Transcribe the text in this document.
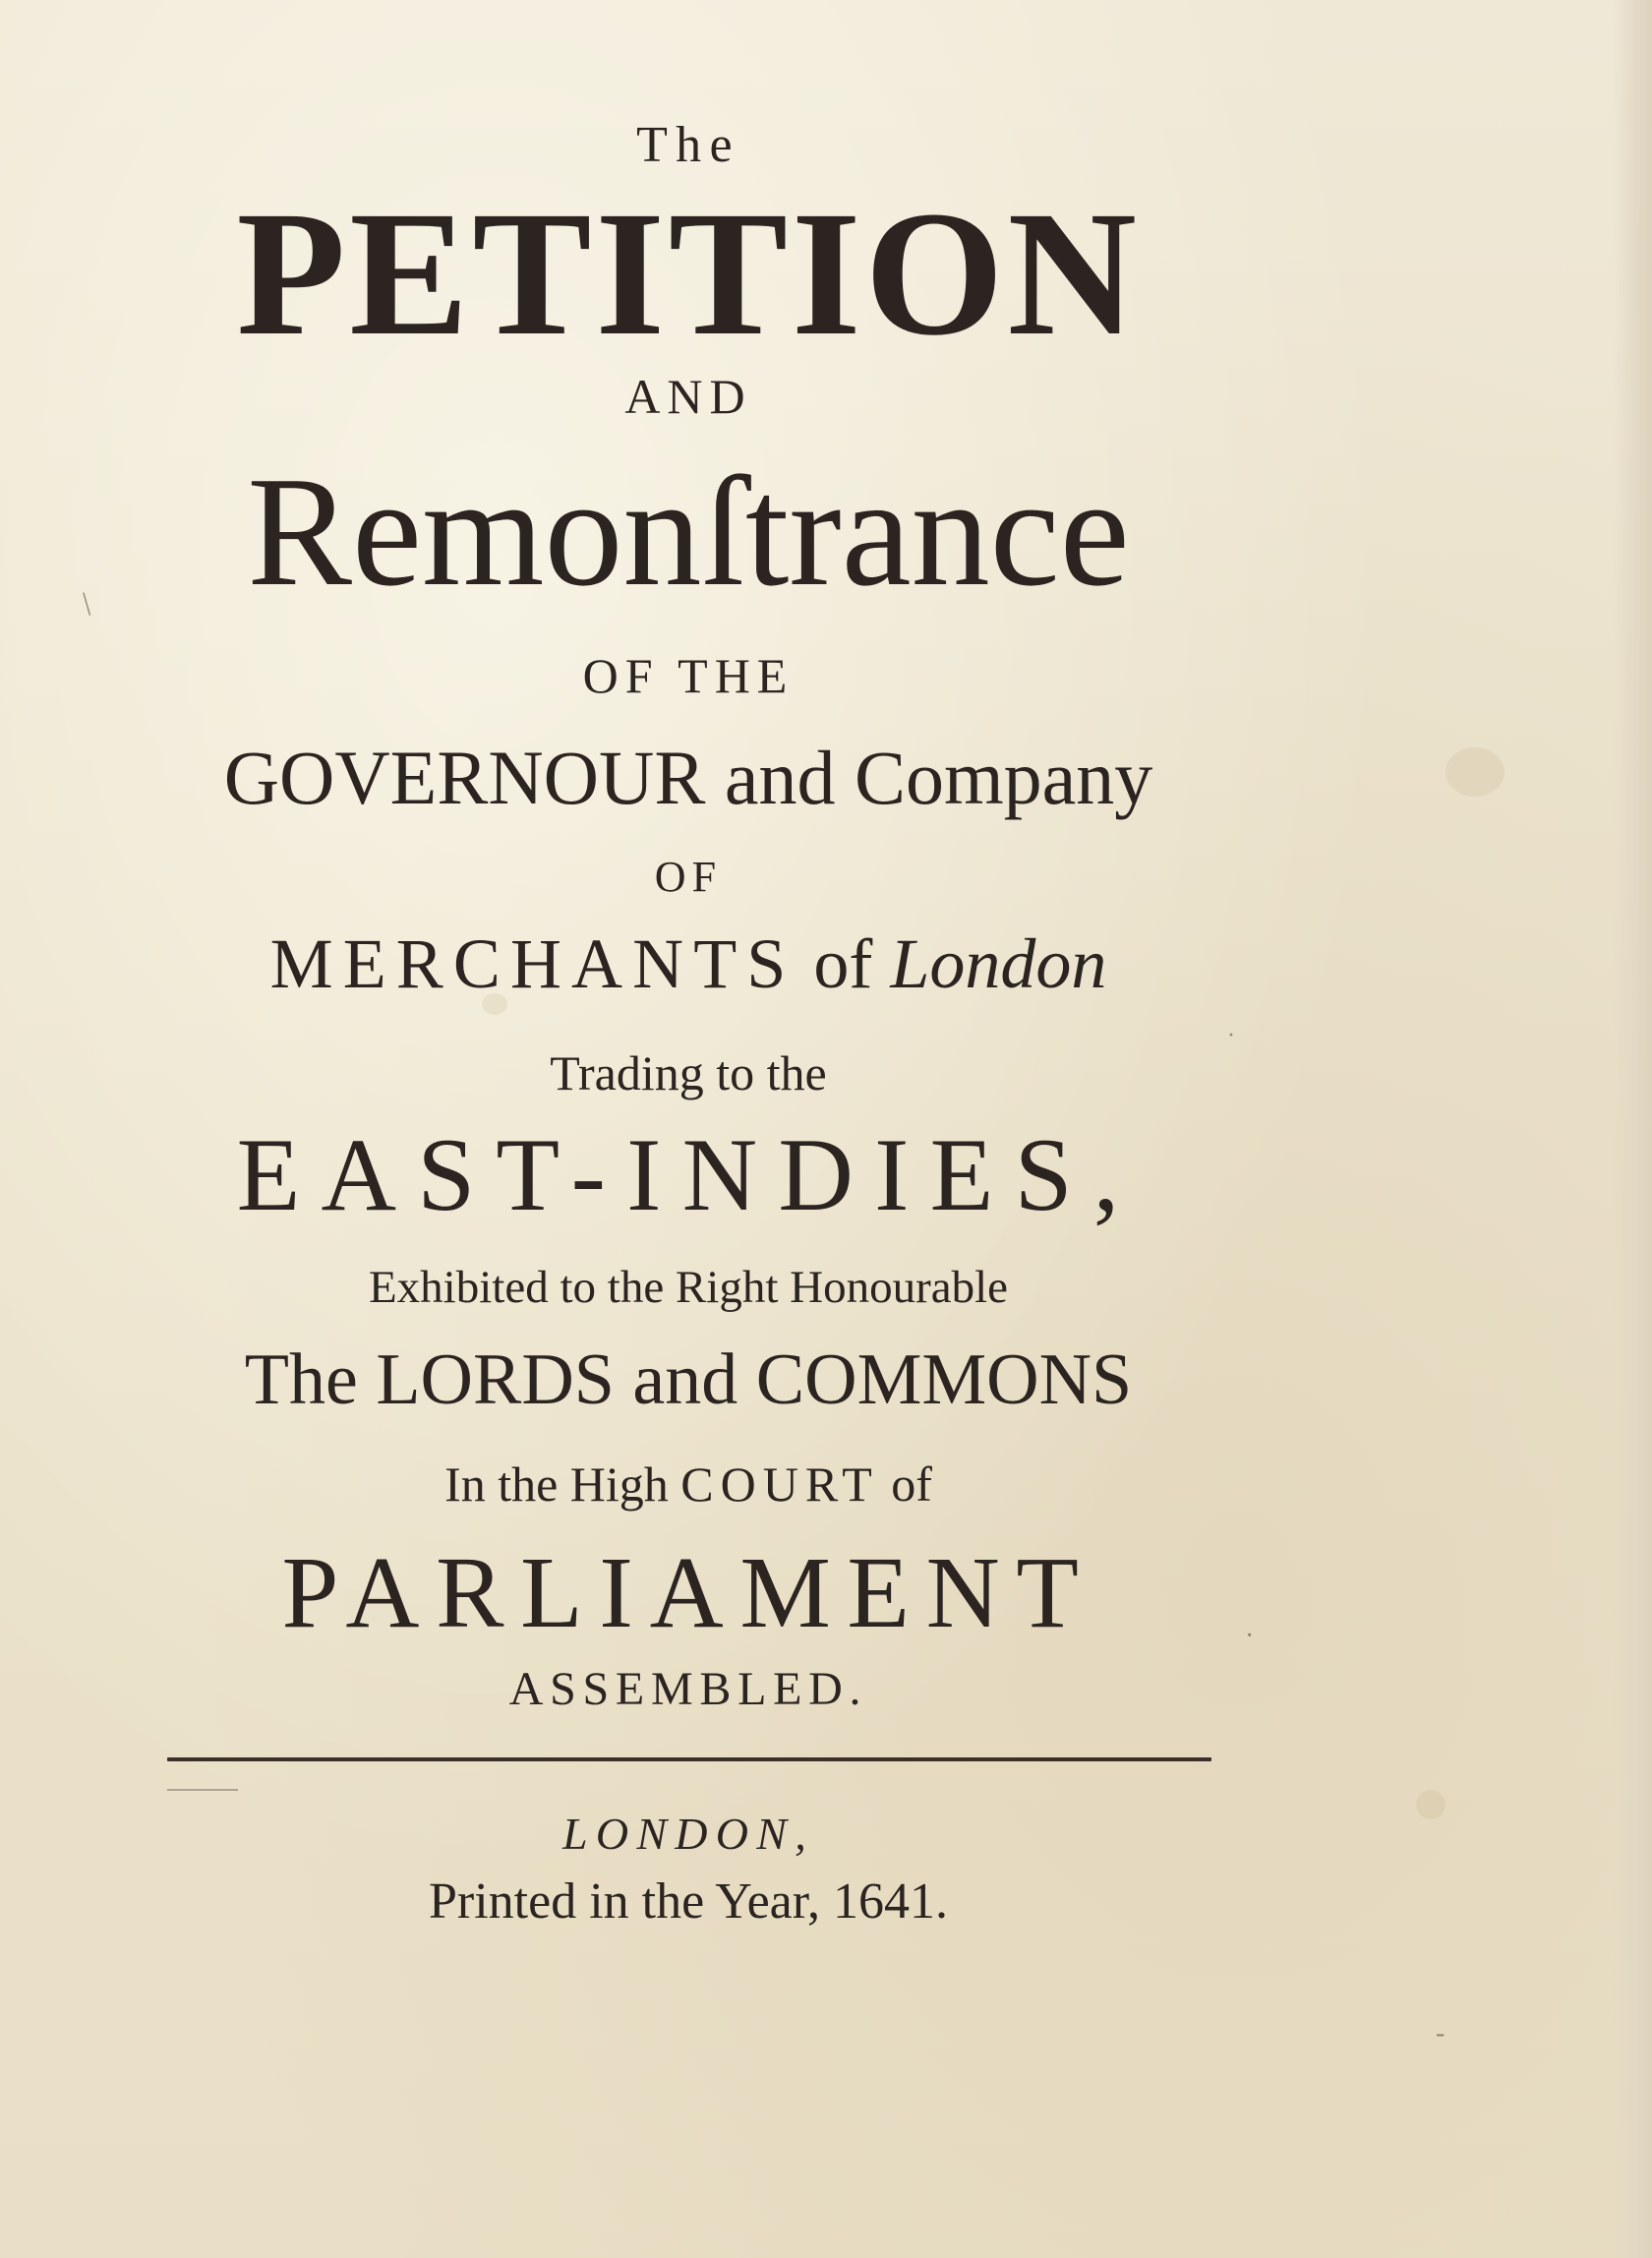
The
PETITION
AND
Remonſtrance
OF THE
GOVERNOUR and Company
OF
MERCHANTS of London
Trading to the
EAST-INDIES,
Exhibited to the Right Honourable
The LORDS and COMMONS
In the High COURT of
PARLIAMENT
ASSEMBLED.
LONDON,
Printed in the Year, 1641.
/
·
·
-
